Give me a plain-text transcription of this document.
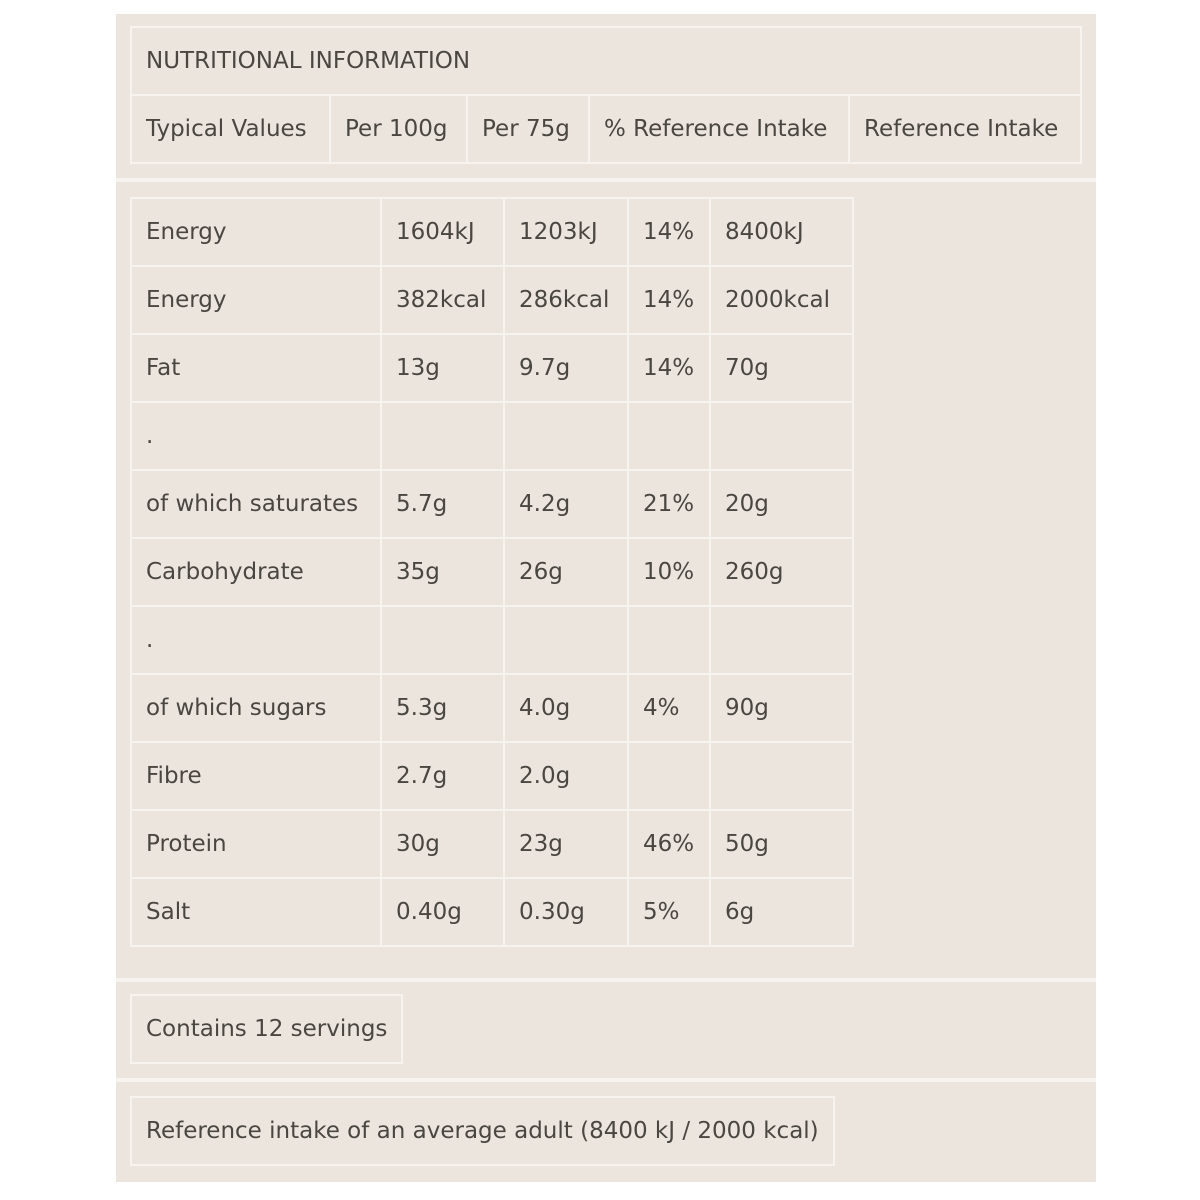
NUTRITIONAL INFORMATION
Typical Values	Per 100g	Per 75g	% Reference Intake	Reference Intake
Energy	1604kJ	1203kJ	14%	8400kJ
Energy	382kcal	286kcal	14%	2000kcal
Fat	13g	9.7g	14%	70g
.				
of which saturates	5.7g	4.2g	21%	20g
Carbohydrate	35g	26g	10%	260g
.				
of which sugars	5.3g	4.0g	4%	90g
Fibre	2.7g	2.0g		
Protein	30g	23g	46%	50g
Salt	0.40g	0.30g	5%	6g
Contains 12 servings
Reference intake of an average adult (8400 kJ / 2000 kcal)
